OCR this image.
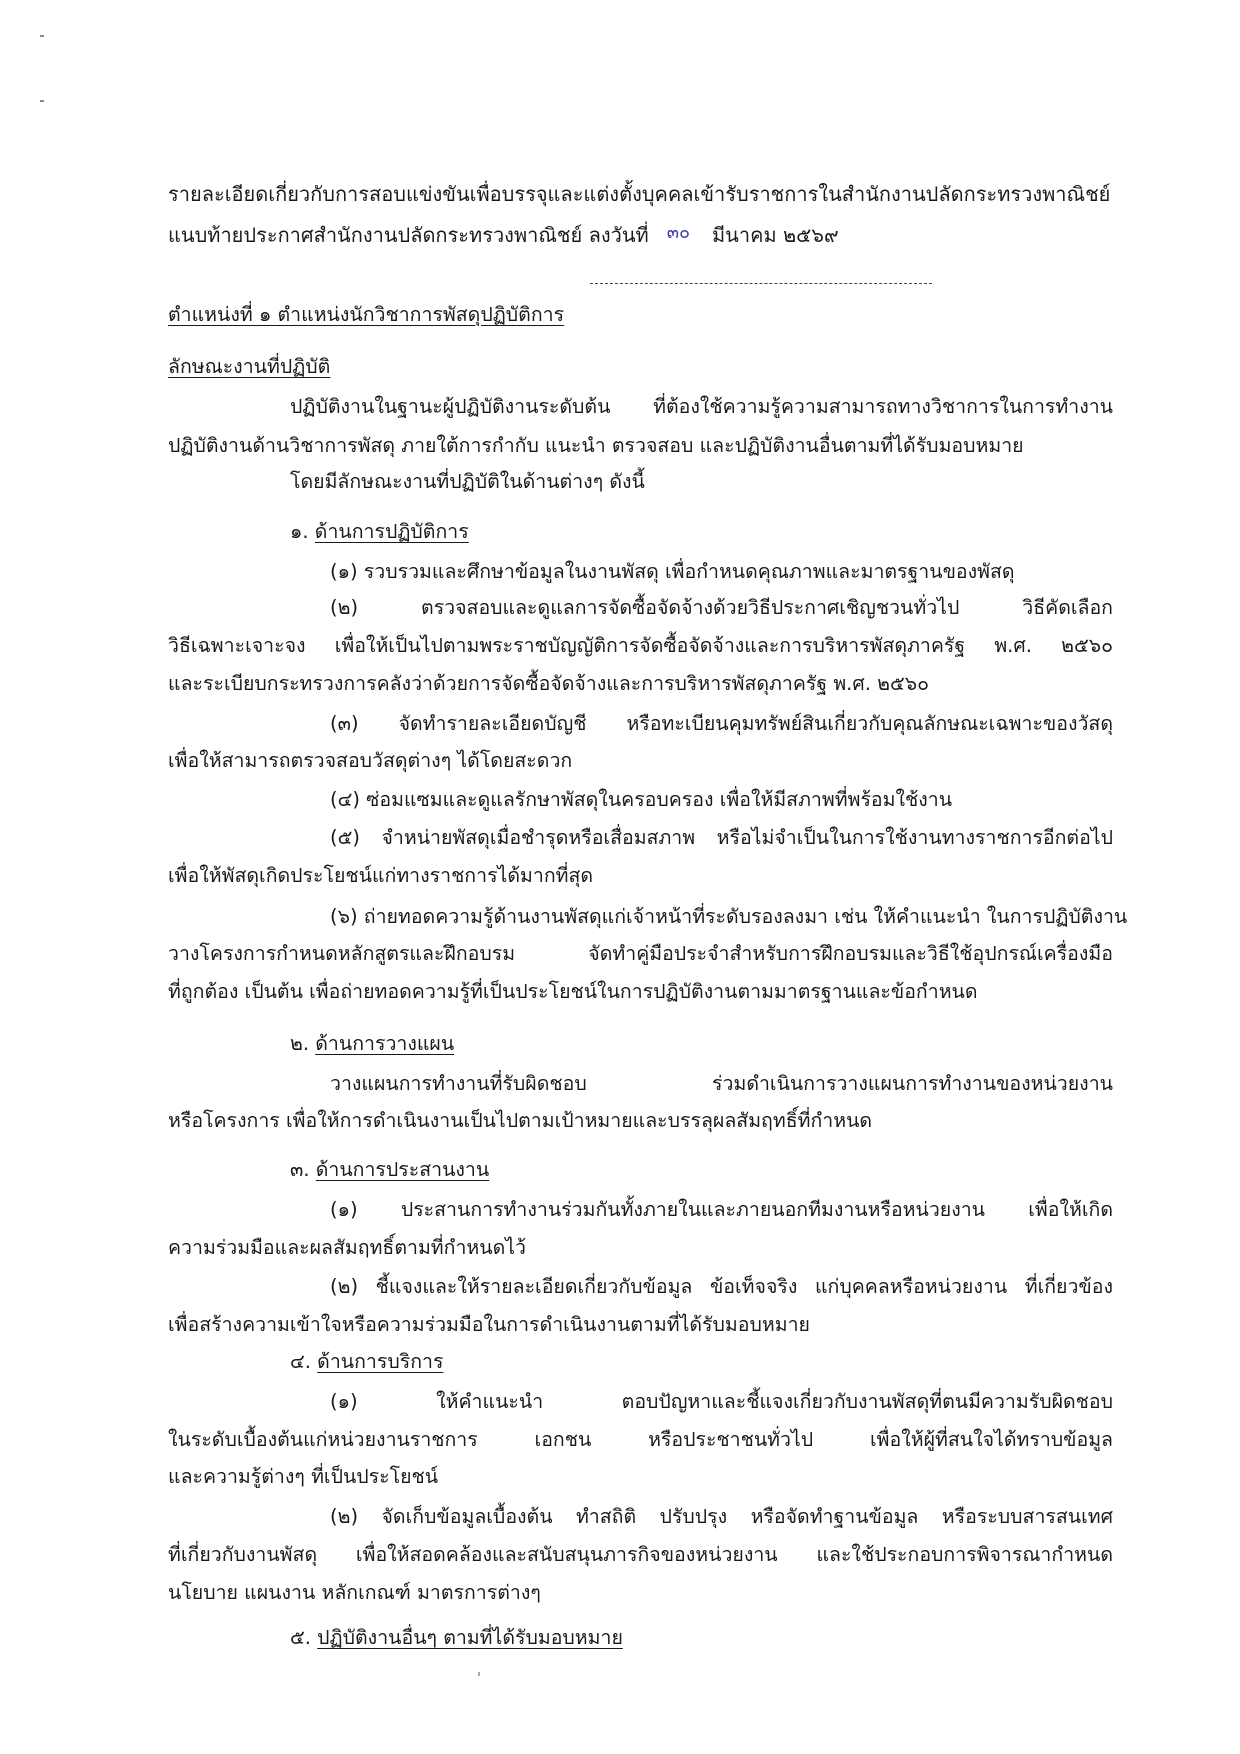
รายละเอียดเกี่ยวกับการสอบแข่งขันเพื่อบรรจุและแต่งตั้งบุคคลเข้ารับราชการในสำนักงานปลัดกระทรวงพาณิชย์
แนบท้ายประกาศสำนักงานปลัดกระทรวงพาณิชย์ ลงวันที่ ๓๐ มีนาคม ๒๕๖๙
ตำแหน่งที่ ๑ ตำแหน่งนักวิชาการพัสดุปฏิบัติการ
ลักษณะงานที่ปฏิบัติ
ปฏิบัติงานในฐานะผู้ปฏิบัติงานระดับต้น ที่ต้องใช้ความรู้ความสามารถทางวิชาการในการทำงาน
ปฏิบัติงานด้านวิชาการพัสดุ ภายใต้การกำกับ แนะนำ ตรวจสอบ และปฏิบัติงานอื่นตามที่ได้รับมอบหมาย
โดยมีลักษณะงานที่ปฏิบัติในด้านต่างๆ ดังนี้
๑. ด้านการปฏิบัติการ
(๑) รวบรวมและศึกษาข้อมูลในงานพัสดุ เพื่อกำหนดคุณภาพและมาตรฐานของพัสดุ
(๒) ตรวจสอบและดูแลการจัดซื้อจัดจ้างด้วยวิธีประกาศเชิญชวนทั่วไป วิธีคัดเลือก
วิธีเฉพาะเจาะจง เพื่อให้เป็นไปตามพระราชบัญญัติการจัดซื้อจัดจ้างและการบริหารพัสดุภาครัฐ พ.ศ. ๒๕๖๐
และระเบียบกระทรวงการคลังว่าด้วยการจัดซื้อจัดจ้างและการบริหารพัสดุภาครัฐ พ.ศ. ๒๕๖๐
(๓) จัดทำรายละเอียดบัญชี หรือทะเบียนคุมทรัพย์สินเกี่ยวกับคุณลักษณะเฉพาะของวัสดุ
เพื่อให้สามารถตรวจสอบวัสดุต่างๆ ได้โดยสะดวก
(๔) ซ่อมแซมและดูแลรักษาพัสดุในครอบครอง เพื่อให้มีสภาพที่พร้อมใช้งาน
(๕) จำหน่ายพัสดุเมื่อชำรุดหรือเสื่อมสภาพ หรือไม่จำเป็นในการใช้งานทางราชการอีกต่อไป
เพื่อให้พัสดุเกิดประโยชน์แก่ทางราชการได้มากที่สุด
(๖) ถ่ายทอดความรู้ด้านงานพัสดุแก่เจ้าหน้าที่ระดับรองลงมา เช่น ให้คำแนะนำ ในการปฏิบัติงาน
วางโครงการกำหนดหลักสูตรและฝึกอบรม จัดทำคู่มือประจำสำหรับการฝึกอบรมและวิธีใช้อุปกรณ์เครื่องมือ
ที่ถูกต้อง เป็นต้น เพื่อถ่ายทอดความรู้ที่เป็นประโยชน์ในการปฏิบัติงานตามมาตรฐานและข้อกำหนด
๒. ด้านการวางแผน
วางแผนการทำงานที่รับผิดชอบ ร่วมดำเนินการวางแผนการทำงานของหน่วยงาน
หรือโครงการ เพื่อให้การดำเนินงานเป็นไปตามเป้าหมายและบรรลุผลสัมฤทธิ์ที่กำหนด
๓. ด้านการประสานงาน
(๑) ประสานการทำงานร่วมกันทั้งภายในและภายนอกทีมงานหรือหน่วยงาน เพื่อให้เกิด
ความร่วมมือและผลสัมฤทธิ์ตามที่กำหนดไว้
(๒) ชี้แจงและให้รายละเอียดเกี่ยวกับข้อมูล ข้อเท็จจริง แก่บุคคลหรือหน่วยงาน ที่เกี่ยวข้อง
เพื่อสร้างความเข้าใจหรือความร่วมมือในการดำเนินงานตามที่ได้รับมอบหมาย
๔. ด้านการบริการ
(๑) ให้คำแนะนำ ตอบปัญหาและชี้แจงเกี่ยวกับงานพัสดุที่ตนมีความรับผิดชอบ
ในระดับเบื้องต้นแก่หน่วยงานราชการ เอกชน หรือประชาชนทั่วไป เพื่อให้ผู้ที่สนใจได้ทราบข้อมูล
และความรู้ต่างๆ ที่เป็นประโยชน์
(๒) จัดเก็บข้อมูลเบื้องต้น ทำสถิติ ปรับปรุง หรือจัดทำฐานข้อมูล หรือระบบสารสนเทศ
ที่เกี่ยวกับงานพัสดุ เพื่อให้สอดคล้องและสนับสนุนภารกิจของหน่วยงาน และใช้ประกอบการพิจารณากำหนด
นโยบาย แผนงาน หลักเกณฑ์ มาตรการต่างๆ
๕. ปฏิบัติงานอื่นๆ ตามที่ได้รับมอบหมาย
